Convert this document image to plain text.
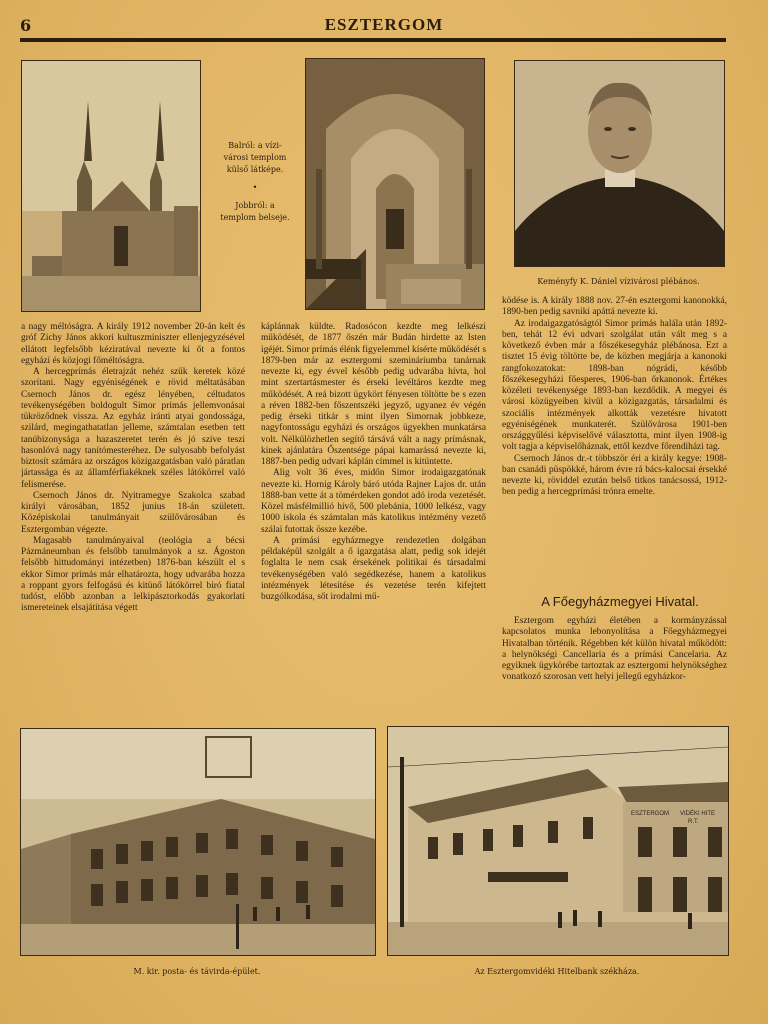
6	ESZTERGOM
Balról: a vízi-
városi templom
külső látképe.
•
Jobbról: a
templom belseje.
Keményfy K. Dániel vízivárosi plébános.

a nagy méltóságra. A király 1912 november 20-án kelt és gróf Zichy János akkori kultuszminiszter ellenjegyzésével ellátott legfelsőbb kéziratával nevezte ki őt a fontos egyházi és közjogi főméltóságra.

A hercegprímás életrajzát nehéz szűk keretek közé szorítani. Nagy egyéniségének e rövid méltatásában Csernoch János dr. egész lényében, céltudatos tevékenységében boldogult Simor prímás jellemvonásai tükröződnek vissza. Az egyház iránti atyai gondossága, szilárd, megingathatatlan jelleme, számtalan esetben tett tanúbizonysága a hazaszeretet terén és jó szíve teszi hasonlóvá nagy tanítómesteréhez. De sulyosabb befolyást biztosít számára az országos közigazgatásban való páratlan jártassága és az államférfiakéknek széles látókörrel való felismerése.

Csernoch János dr. Nyitramegye Szakolca szabad királyi városában, 1852 junius 18-án született. Középiskolai tanulmányait szülővárosában és Esztergomban végezte.

Magasabb tanulmányaival (teológia a bécsi Pázmáneumban és felsőbb tanulmányok a sz. Ágoston felsőbb hittudományi intézetben) 1876-ban készült el s ekkor Simor prímás már elhatározta, hogy udvarába hozza a roppant gyors felfogású és kitünő látókörrel biró fiatal tudóst, előbb azonban a lelkipásztorkodás gyakorlati ismereteinek elsajátítása végett

káplánnak küldte. Radosócon kezdte meg lelkészi működését, de 1877 őszén már Budán hirdette az Isten igéjét. Simor prímás élénk figyelemmel kísérte működését s 1879-ben már az esztergomi szemináriumba tanárnak nevezte ki, egy évvel később pedig udvarába hívta, hol mint szertartásmester és érseki levéltáros kezdte meg működését. A reá bizott ügykört fényesen töltötte be s ezen a réven 1882-ben főszentszéki jegyző, ugyanez év végén pedig érseki titkár s mint ilyen Simornak jobbkeze, nagyfontosságu egyházi és országos ügyekben munkatársa volt. Nélkülözhetlen segítő társává vált a nagy prímásnak, kinek ajánlatára Őszentsége pápai kamarássá nevezte ki, 1887-ben pedig udvari káplán címmel is kitüntette.

Alig volt 36 éves, midőn Simor irodaigazgatónak nevezte ki. Hornig Károly báró utóda Rajner Lajos dr. után 1888-ban vette át a tömérdeken gondot adó iroda vezetését. Közel másfélmillió hívő, 500 plebánia, 1000 lelkész, vagy 1000 iskola és számtalan más katolikus intézmény vezető szálai futottak össze kezébe.

A prímási egyházmegye rendezetlen dolgában példaképül szolgált a ő igazgatása alatt, pedig sok idejét foglalta le nem csak érsekének politikai és társadalmi tevékenységében való segédkezése, hanem a katolikus intézmények létesítése és vezetése terén kifejtett buzgólkodása, sőt irodalmi mű-

ködése is. A király 1888 nov. 27-én esztergomi kanonokká, 1890-ben pedig savniki apáttá nevezte ki.

Az irodaigazgatóságtól Simor prímás halála után 1892-ben, tehát 12 évi udvari szolgálat után vált meg s a következő évben már a főszékesegyház plébánosa. Ezt a tisztet 15 évig töltötte be, de közben megjárja a kanonoki rangfokozatokat: 1898-ban nógrádi, később főszékesegyházi főesperes, 1906-ban őrkanonok. Értékes közéleti tevékenysége 1893-ban kezdődik. A megyei és városi közügyeiben kivül a közigazgatás, társadalmi és szociális intézmények alkották vezetésre hivatott egyéniségének munkaterét. Szülővárosa 1901-ben országgyűlési képviselővé választotta, mint ilyen 1908-ig volt tagja a képviselőháznak, ettől kezdve főrendiházi tag.

Csernoch János dr.-t többször éri a király kegye: 1908-ban csanádi püspökké, három évre rá bács-kalocsai érsekké nevezte ki, röviddel ezután belső titkos tanácsossá, 1912-ben pedig a hercegprímási trónra emelte.

A Főegyházmegyei Hivatal.

Esztergom egyházi életében a kormányzással kapcsolatos munka lebonyolítása a Főegyházmegyei Hivatalban történik. Régebben két külön hivatal működött: a helynökségi Cancellaria és a prímási Cancelaria. Az egyiknek ügykörébe tartoztak az esztergomi helynökséghez vonatkozó szorosan vett helyi jellegű egyházkor-

M. kir. posta- és távirda-épület.
ESZTERGOM VIDÉKI HITE
R.T.
Az Esztergomvidéki Hitelbank székháza.
